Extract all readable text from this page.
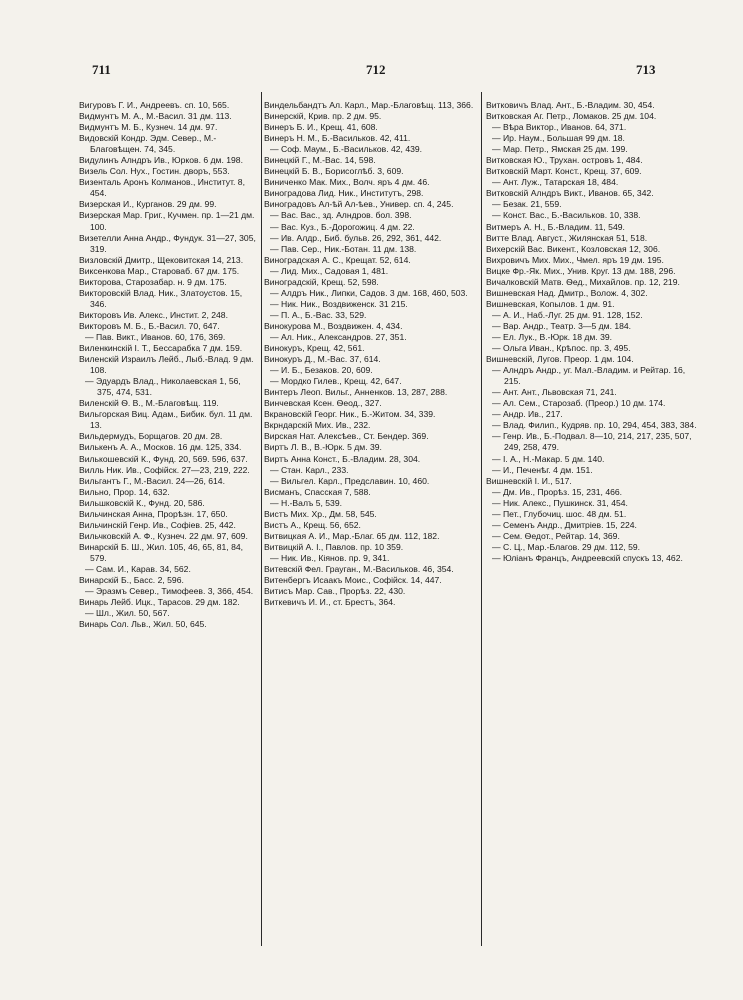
711	712	713

Вигуровъ Г. И., Андреевъ. сп. 10, 565.

Видмунтъ М. А., М.-Васил. 31 дм. 113.

Видмунтъ М. Б., Кузнеч. 14 дм. 97.

Видовскій Кондр. Эдм. Север., М.-Благовѣщен. 74, 345.

Видулинъ Алндръ Ив., Юрков. 6 дм. 198.

Визель Сол. Нух., Гостин. дворъ, 553.

Визенталь Аронъ Колманов., Институт. 8, 454.

Визерская И., Курганов. 29 дм. 99.

Визерская Мар. Григ., Кучмен. пр. 1—21 дм. 100.

Визетелли Анна Андр., Фундук. 31—27, 305, 319.

Визловскій Дмитр., Щековитская 14, 213.

Виксенкова Мар., Староваб. 67 дм. 175.

Викторова, Старозабар. н. 9 дм. 175.

Викторовскій Влад. Ник., Златоустов. 15, 346.

Викторовъ Ив. Алекс., Инстит. 2, 248.

Викторовъ М. Б., Б.-Васил. 70, 647.

— Пав. Викт., Иванов. 60, 176, 369.

Виленкинскій І. Т., Бессарабка 7 дм. 159.

Виленскій Израилъ Лейб., Лыб.-Влад. 9 дм. 108.

— Эдуардъ Влад., Николаевская 1, 56, 375, 474, 531.

Виленскій Ѳ. В., М.-Благовѣщ. 119.

Вильгорская Виц. Адам., Бибик. бул. 11 дм. 13.

Вильдермудъ, Борщагов. 20 дм. 28.

Вилькенъ А. А., Москов. 16 дм. 125, 334.

Вилькошевскій К., Фунд. 20, 569. 596, 637.

Вилль Ник. Ив., Софійск. 27—23, 219, 222.

Вильгантъ Г., М.-Васил. 24—26, 614.

Вильно, Прор. 14, 632.

Вильшковскій К., Фунд. 20, 586.

Вильчинская Анна, Прорѣзн. 17, 650.

Вильчинскій Генр. Ив., Софіев. 25, 442.

Вильчковскій А. Ф., Кузнеч. 22 дм. 97, 609.

Винарскій Б. Ш., Жил. 105, 46, 65, 81, 84, 579.

— Сам. И., Карав. 34, 562.

Винарскій Б., Басс. 2, 596.

— Эразмъ Север., Тимофеев. 3, 366, 454.

Винарь Лейб. Ицк., Тарасов. 29 дм. 182.

— Шл., Жил. 50, 567.

Винарь Сол. Льв., Жил. 50, 645.

Виндельбандтъ Ал. Карл., Мар.-Благовѣщ. 113, 366.

Винерскій, Крив. пр. 2 дм. 95.

Винеръ Б. И., Крещ. 41, 608.

Винеръ Н. М., Б.-Васильков. 42, 411.

— Соф. Маум., Б.-Васильков. 42, 439.

Винецкій Г., М.-Вас. 14, 598.

Винецкій Б. В., Борисоглѣб. 3, 609.

Виниченко Мак. Мих., Волч. яръ 4 дм. 46.

Виноградова Лид. Ник., Институтъ, 298.

Виноградовъ Ал-ѣй Ал-ѣев., Универ. сп. 4, 245.

— Вас. Вас., зд. Алндров. бол. 398.

— Вас. Куз., Б.-Дорогожиц. 4 дм. 22.

— Ив. Алдр., Биб. бульв. 26, 292, 361, 442.

— Пав. Сер., Ник.-Ботан. 11 дм. 138.

Виноградская А. С., Крещат. 52, 614.

— Лид. Мих., Садовая 1, 481.

Виноградскій, Крещ. 52, 598.

— Алдръ Ник., Липки, Садов. 3 дм. 168, 460, 503.

— Ник. Ник., Воздвиженск. 31 215.

— П. А., Б.-Вас. 33, 529.

Винокурова М., Воздвижен. 4, 434.

— Ал. Ник., Александров. 27, 351.

Винокуръ, Крещ. 42, 561.

Винокуръ Д., М.-Вас. 37, 614.

— И. Б., Безаков. 20, 609.

— Мордко Гилев., Крещ. 42, 647.

Винтеръ Леоп. Вильг., Анненков. 13, 287, 288.

Винчевская Ксен. Ѳеод., 327.

Вкрановскій Георг. Ник., Б.-Житом. 34, 339.

Вкрндарскій Мих. Ив., 232.

Вирская Нат. Алексѣев., Ст. Бендер. 369.

Виртъ Л. В., В.-Юрк. 5 дм. 39.

Виртъ Анна Конст., Б.-Владим. 28, 304.

— Стан. Карл., 233.

— Вильгел. Карл., Предславин. 10, 460.

Висманъ, Спасская 7, 588.

— Н.-Валъ 5, 539.

Вистъ Мих. Хр., Дм. 58, 545.

Вистъ А., Крещ. 56, 652.

Витвицкая А. И., Мар.-Благ. 65 дм. 112, 182.

Витвицкій А. І., Павлов. пр. 10 359.

— Ник. Ив., Кіянов. пр. 9, 341.

Витевскій Фел. Грауган., М.-Васильков. 46, 354.

Витенбергъ Исаакъ Моис., Софійск. 14, 447.

Витисъ Мар. Сав., Прорѣз. 22, 430.

Виткевичъ И. И., ст. Брестъ, 364.

Витковичъ Влад. Ант., Б.-Владим. 30, 454.

Витковская Аг. Петр., Ломаков. 25 дм. 104.

— Вѣра Виктор., Иванов. 64, 371.

— Ир. Наум., Большая 99 дм. 18.

— Мар. Петр., Ямская 25 дм. 199.

Витковская Ю., Трухан. островъ 1, 484.

Витковскій Март. Конст., Крещ. 37, 609.

— Ант. Луж., Татарская 18, 484.

Витковскій Алндръ Викт., Иванов. 65, 342.

— Безак. 21, 559.

— Конст. Вас., Б.-Васильков. 10, 338.

Витмеръ А. Н., Б.-Владим. 11, 549.

Витте Влад. Август., Жилянская 51, 518.

Вихерскій Вас. Викент., Козловская 12, 306.

Вихровичъ Мих. Мих., Чмел. яръ 19 дм. 195.

Вицке Фр.-Як. Мих., Унив. Круг. 13 дм. 188, 296.

Вичалковскій Матв. Ѳед., Михайлов. пр. 12, 219.

Вишневская Над. Дмитр., Волож. 4, 302.

Вишневская, Копылов. 1 дм. 91.

— А. И., Наб.-Луг. 25 дм. 91. 128, 152.

— Вар. Андр., Театр. 3—5 дм. 184.

— Ел. Лук., В.-Юрк. 18 дм. 39.

— Ольга Иван., Крѣпос. пр. 3, 495.

Вишневскій, Лугов. Преор. 1 дм. 104.

— Алндръ Андр., уг. Мал.-Владим. и Рейтар. 16, 215.

— Ант. Ант., Львовская 71, 241.

— Ал. Сем., Старозаб. (Преор.) 10 дм. 174.

— Андр. Ив., 217.

— Влад. Филип., Кудряв. пр. 10, 294, 454, 383, 384.

— Генр. Ив., Б.-Подвал. 8—10, 214, 217, 235, 507, 249, 258, 479.

— І. А., Н.-Макар. 5 дм. 140.

— И., Печенѣг. 4 дм. 151.

Вишневскій І. И., 517.

— Дм. Ив., Прорѣз. 15, 231, 466.

— Ник. Алекс., Пушкинск. 31, 454.

— Пет., Глубочиц. шос. 48 дм. 51.

— Семенъ Андр., Дмитріев. 15, 224.

— Сем. Ѳедот., Рейтар. 14, 369.

— С. Ц., Мар.-Благов. 29 дм. 112, 59.

— Юліанъ Францъ, Андреевскій спускъ 13, 462.
